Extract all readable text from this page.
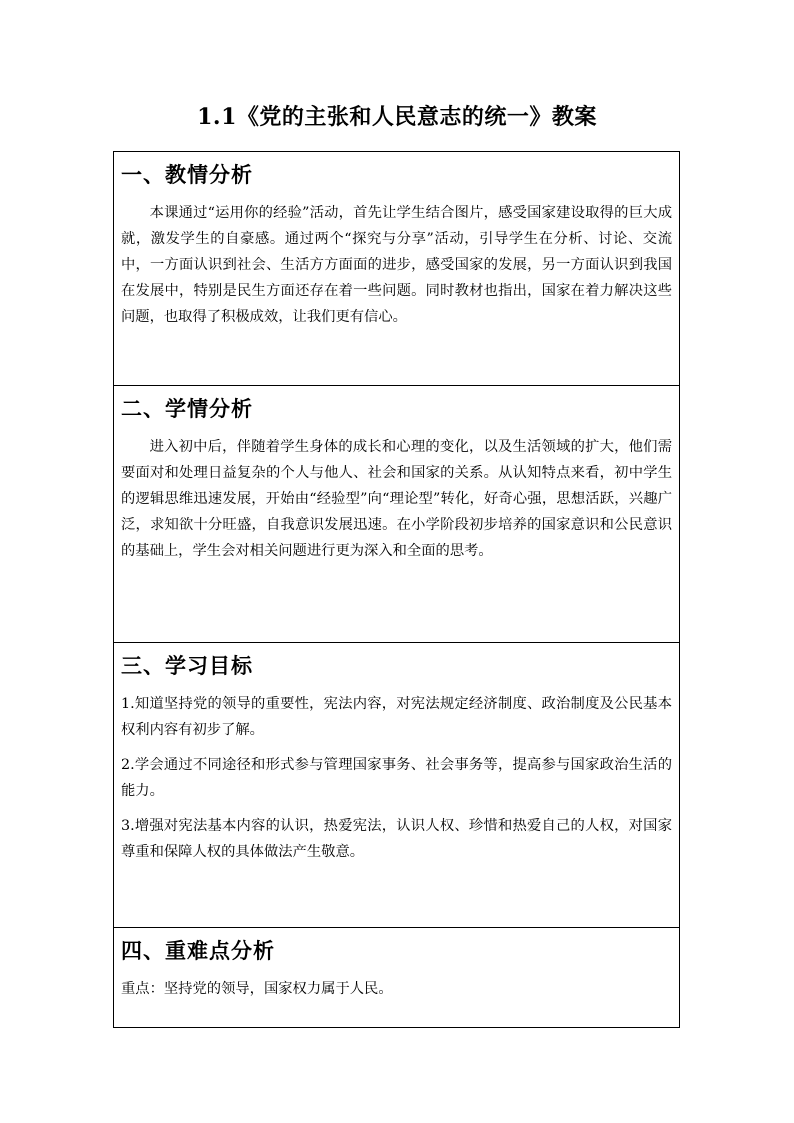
1.1《党的主张和人民意志的统一》教案
一、教情分析

本课通过“运用你的经验”活动，首先让学生结合图片，感受国家建设取得的巨大成就，激发学生的自豪感。通过两个“探究与分享”活动，引导学生在分析、讨论、交流中，一方面认识到社会、生活方方面面的进步，感受国家的发展，另一方面认识到我国在发展中，特别是民生方面还存在着一些问题。同时教材也指出，国家在着力解决这些问题，也取得了积极成效，让我们更有信心。

二、学情分析

进入初中后，伴随着学生身体的成长和心理的变化，以及生活领域的扩大，他们需要面对和处理日益复杂的个人与他人、社会和国家的关系。从认知特点来看，初中学生的逻辑思维迅速发展，开始由“经验型”向“理论型”转化，好奇心强，思想活跃，兴趣广泛，求知欲十分旺盛，自我意识发展迅速。在小学阶段初步培养的国家意识和公民意识的基础上，学生会对相关问题进行更为深入和全面的思考。

三、学习目标
1.知道坚持党的领导的重要性，宪法内容，对宪法规定经济制度、政治制度及公民基本权利内容有初步了解。
2.学会通过不同途径和形式参与管理国家事务、社会事务等，提高参与国家政治生活的能力。
3.增强对宪法基本内容的认识，热爱宪法，认识人权、珍惜和热爱自己的人权，对国家尊重和保障人权的具体做法产生敬意。
四、重难点分析

重点：坚持党的领导，国家权力属于人民。
